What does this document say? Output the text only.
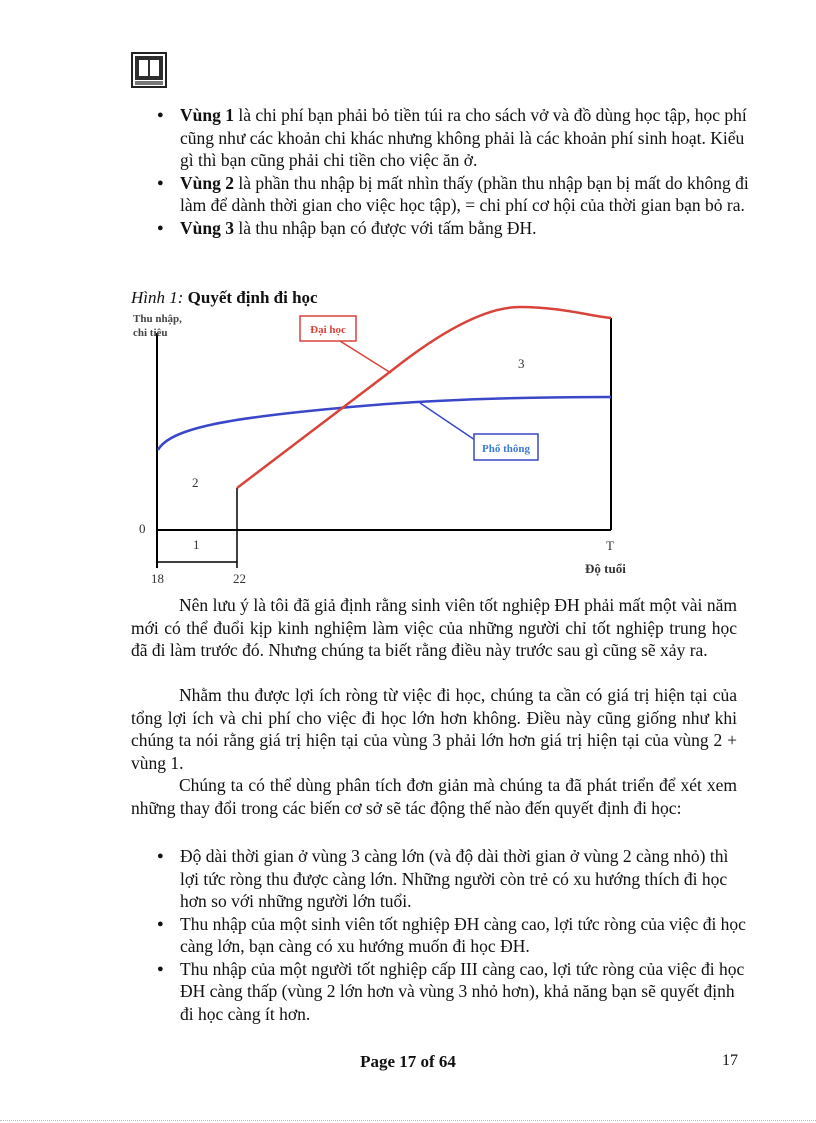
● Vùng 1 là chi phí bạn phải bỏ tiền túi ra cho sách vở và đồ dùng học tập, học phí cũng như các khoản chi khác nhưng không phải là các khoản phí sinh hoạt. Kiểu gì thì bạn cũng phải chi tiền cho việc ăn ở.
● Vùng 2 là phần thu nhập bị mất nhìn thấy (phần thu nhập bạn bị mất do không đi làm để dành thời gian cho việc học tập), = chi phí cơ hội của thời gian bạn bỏ ra.
● Vùng 3 là thu nhập bạn có được với tấm bằng ĐH.
Hình 1: Quyết định đi học
Thu nhập,
chi tiêu
0
18	22
T
Độ tuổi
1
2
3
Đại học
Phổ thông

Nên lưu ý là tôi đã giả định rằng sinh viên tốt nghiệp ĐH phải mất một vài năm mới có thể đuổi kịp kinh nghiệm làm việc của những người chỉ tốt nghiệp trung học đã đi làm trước đó. Nhưng chúng ta biết rằng điều này trước sau gì cũng sẽ xảy ra.

Nhằm thu được lợi ích ròng từ việc đi học, chúng ta cần có giá trị hiện tại của tổng lợi ích và chi phí cho việc đi học lớn hơn không. Điều này cũng giống như khi chúng ta nói rằng giá trị hiện tại của vùng 3 phải lớn hơn giá trị hiện tại của vùng 2 + vùng 1.

Chúng ta có thể dùng phân tích đơn giản mà chúng ta đã phát triển để xét xem những thay đổi trong các biến cơ sở sẽ tác động thế nào đến quyết định đi học:

● Độ dài thời gian ở vùng 3 càng lớn (và độ dài thời gian ở vùng 2 càng nhỏ) thì lợi tức ròng thu được càng lớn. Những người còn trẻ có xu hướng thích đi học hơn so với những người lớn tuổi.
● Thu nhập của một sinh viên tốt nghiệp ĐH càng cao, lợi tức ròng của việc đi học càng lớn, bạn càng có xu hướng muốn đi học ĐH.
● Thu nhập của một người tốt nghiệp cấp III càng cao, lợi tức ròng của việc đi học ĐH càng thấp (vùng 2 lớn hơn và vùng 3 nhỏ hơn), khả năng bạn sẽ quyết định đi học càng ít hơn.
Page 17 of 64	17
